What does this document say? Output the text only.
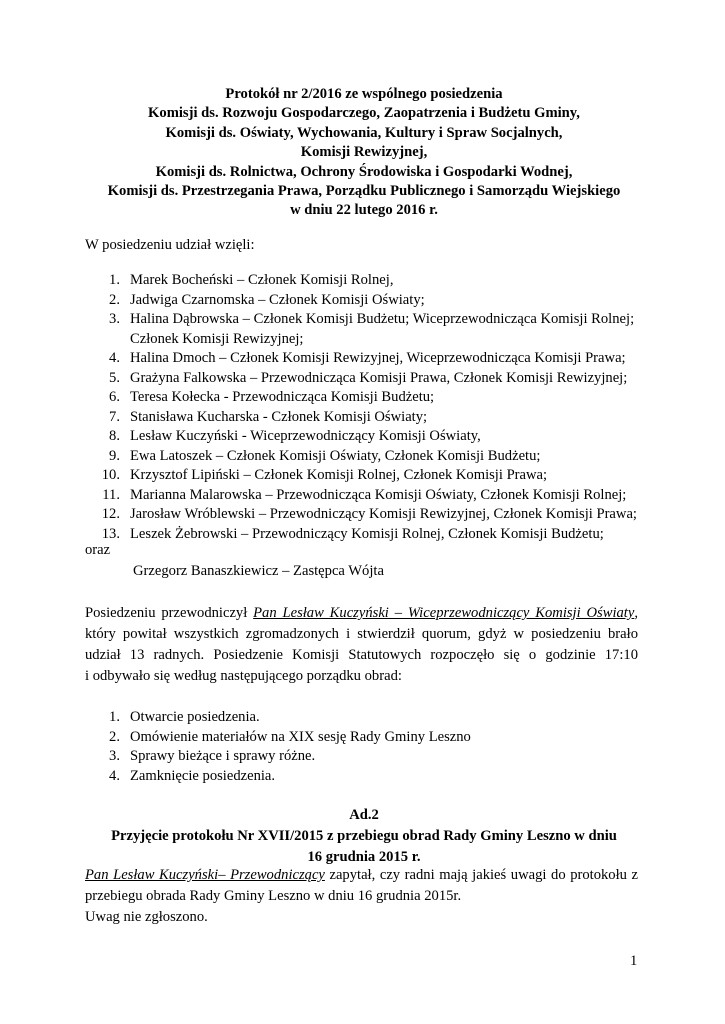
Protokół nr 2/2016 ze wspólnego posiedzenia
Komisji ds. Rozwoju Gospodarczego, Zaopatrzenia i Budżetu Gminy,
Komisji ds. Oświaty, Wychowania, Kultury i Spraw Socjalnych,
Komisji Rewizyjnej,
Komisji ds. Rolnictwa, Ochrony Środowiska i Gospodarki Wodnej,
Komisji ds. Przestrzegania Prawa, Porządku Publicznego i Samorządu Wiejskiego
w dniu 22 lutego 2016 r.
W posiedzeniu udział wzięli:
1. Marek Bocheński – Członek Komisji Rolnej,
2. Jadwiga Czarnomska – Członek Komisji Oświaty;
3. Halina Dąbrowska – Członek Komisji Budżetu; Wiceprzewodnicząca Komisji Rolnej;
Członek Komisji Rewizyjnej;
4. Halina Dmoch – Członek Komisji Rewizyjnej, Wiceprzewodnicząca Komisji Prawa;
5. Grażyna Falkowska – Przewodnicząca Komisji Prawa, Członek Komisji Rewizyjnej;
6. Teresa Kołecka - Przewodnicząca Komisji Budżetu;
7. Stanisława Kucharska - Członek Komisji Oświaty;
8. Lesław Kuczyński - Wiceprzewodniczący Komisji Oświaty,
9. Ewa Latoszek – Członek Komisji Oświaty, Członek Komisji Budżetu;
10. Krzysztof Lipiński – Członek Komisji Rolnej, Członek Komisji Prawa;
11. Marianna Malarowska – Przewodnicząca Komisji Oświaty, Członek Komisji Rolnej;
12. Jarosław Wróblewski – Przewodniczący Komisji Rewizyjnej, Członek Komisji Prawa;
13. Leszek Żebrowski – Przewodniczący Komisji Rolnej, Członek Komisji Budżetu;
oraz
Grzegorz Banaszkiewicz – Zastępca Wójta
Posiedzeniu przewodniczył Pan Lesław Kuczyński – Wiceprzewodniczący Komisji Oświaty,
który powitał wszystkich zgromadzonych i stwierdził quorum, gdyż w posiedzeniu brało
udział 13 radnych. Posiedzenie Komisji Statutowych rozpoczęło się o godzinie 17:10
i odbywało się według następującego porządku obrad:
1. Otwarcie posiedzenia.
2. Omówienie materiałów na XIX sesję Rady Gminy Leszno
3. Sprawy bieżące i sprawy różne.
4. Zamknięcie posiedzenia.
Ad.2
Przyjęcie protokołu Nr XVII/2015 z przebiegu obrad Rady Gminy Leszno w dniu
16 grudnia 2015 r.
Pan Lesław Kuczyński– Przewodniczący zapytał, czy radni mają jakieś uwagi do protokołu z
przebiegu obrada Rady Gminy Leszno w dniu 16 grudnia 2015r.
Uwag nie zgłoszono.
1
